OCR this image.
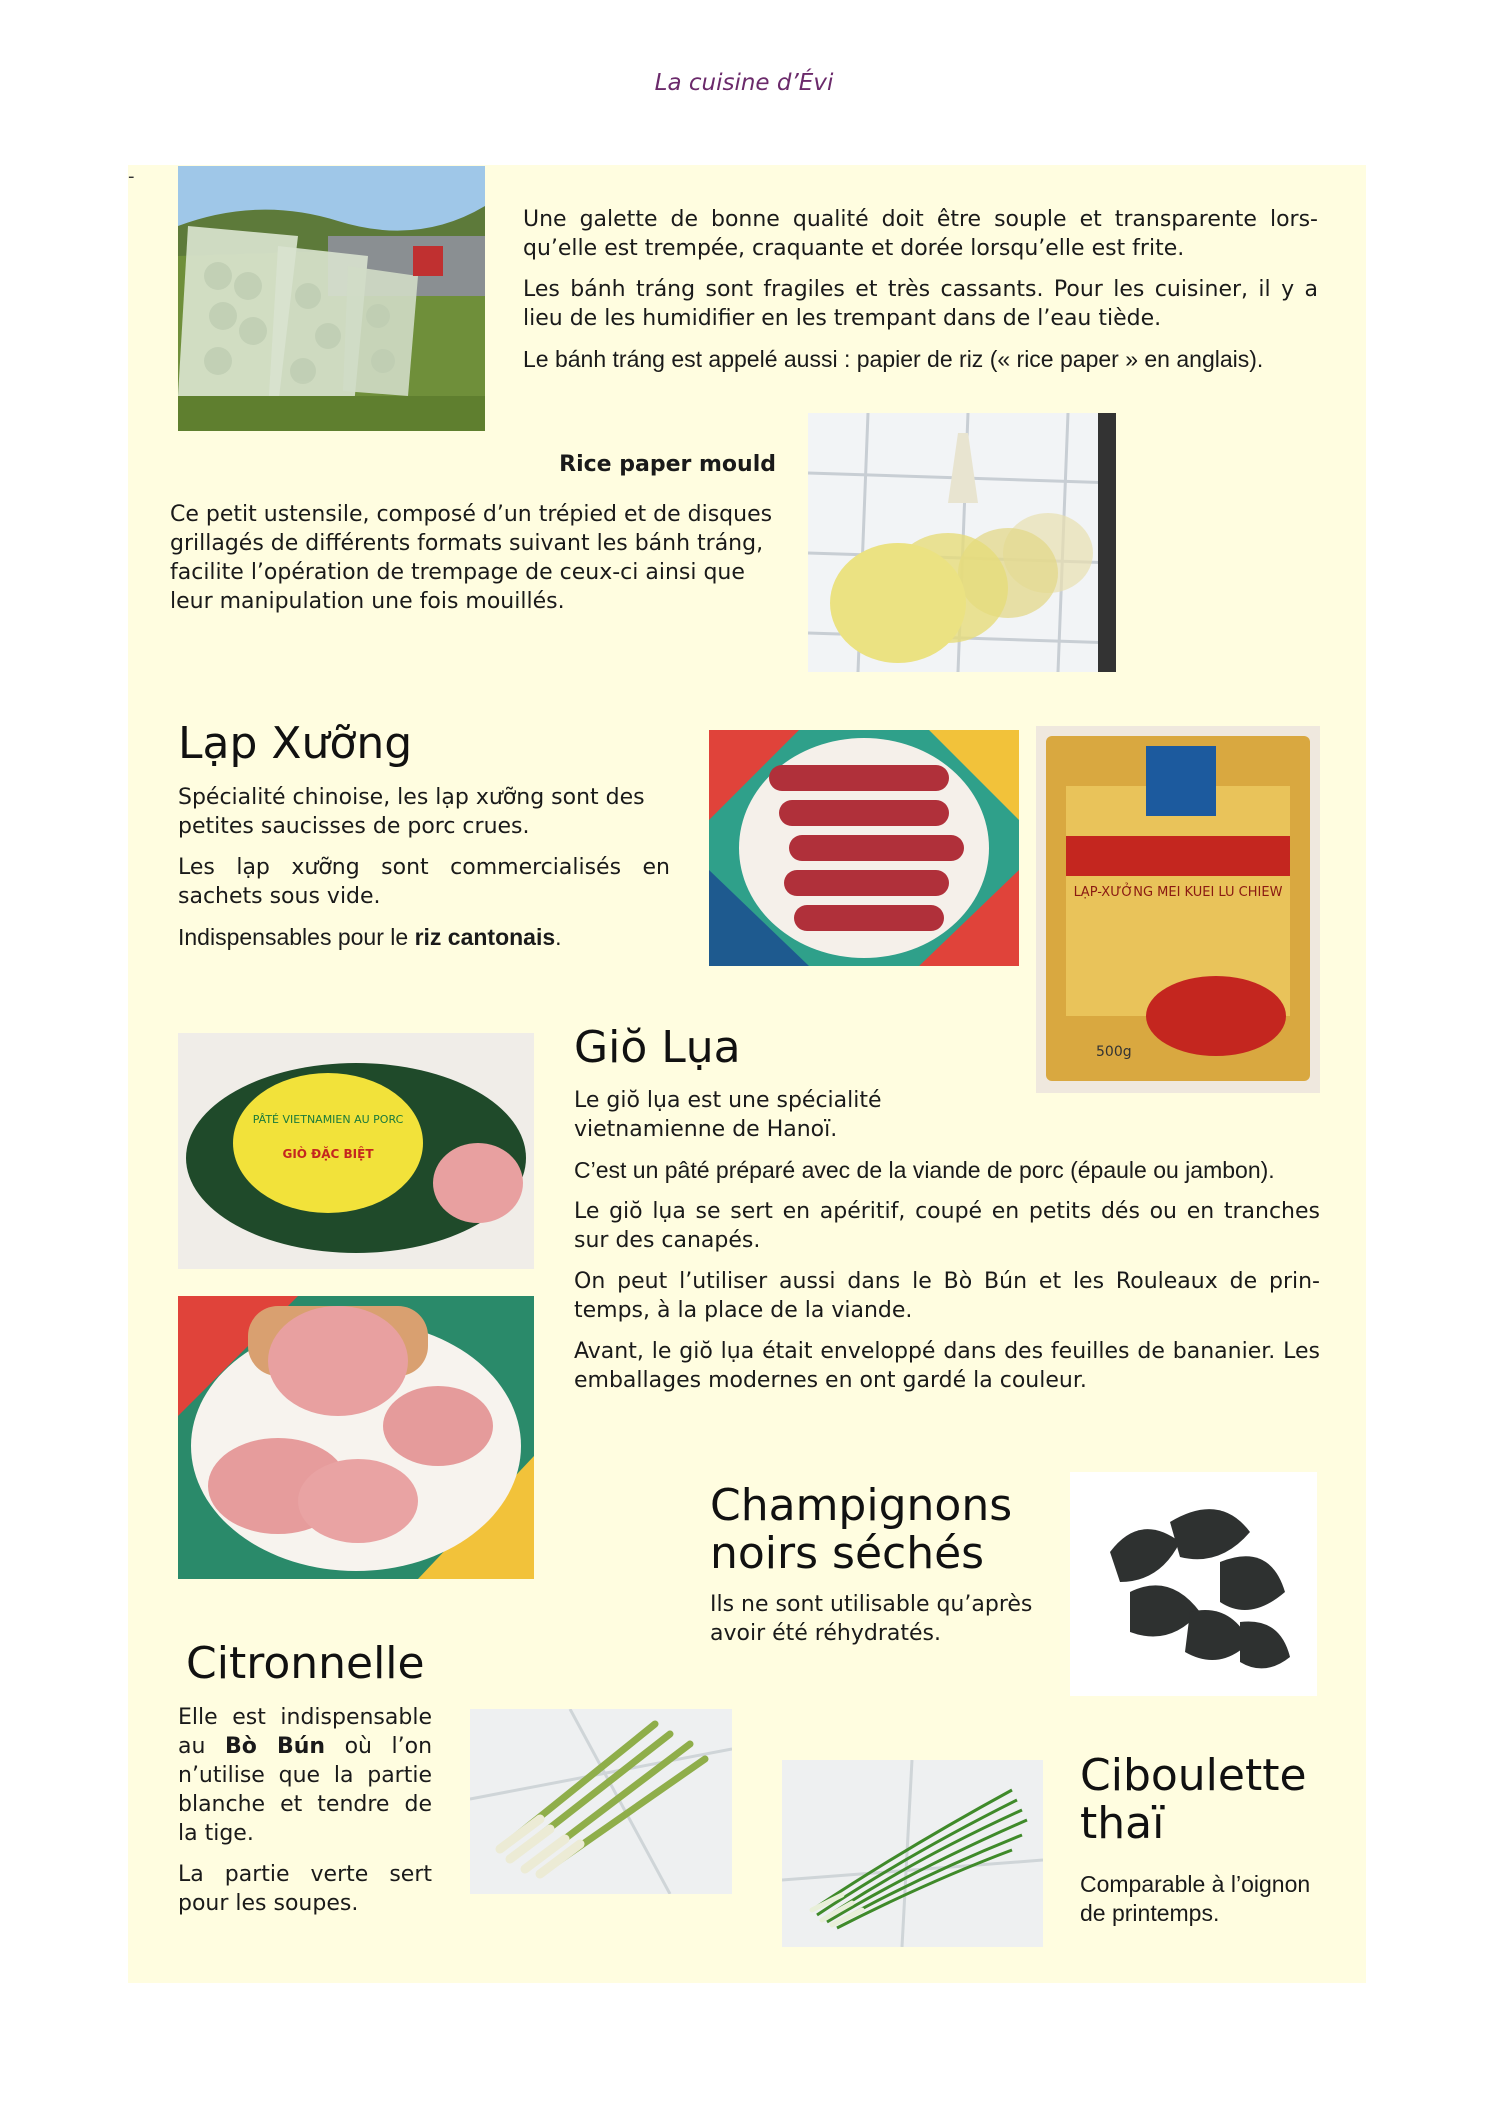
La cuisine d’Évi
-

Une galette de bonne qualité doit être souple et transparente lors- qu’elle est trempée, craquante et dorée lorsqu’elle est frite.

Les bánh tráng sont fragiles et très cassants. Pour les cuisiner, il y a lieu de les humidifier en les trempant dans de l’eau tiède.

Le bánh tráng est appelé aussi : papier de riz (« rice paper » en anglais).

Rice paper mould
Ce petit ustensile, composé d’un trépied et de disques grillagés de différents formats suivant les bánh tráng, facilite l’opération de trempage de ceux-ci ainsi que leur manipulation une fois mouillés.
Lạp Xưỡng

Spécialité chinoise, les lạp xưỡng sont des petites saucisses de porc crues.

Les lạp xưỡng sont commercialisés en sachets sous vide.

Indispensables pour le riz cantonais.

LẠP-XƯỞNG MEI KUEI LU CHIEW
500g
PÂTÉ VIETNAMIEN AU PORC
GIÒ ĐẶC BIỆT
Giŏ Lụa

Le giŏ lụa est une spécialité vietnamienne de Hanoï.

C’est un pâté préparé avec de la viande de porc (épaule ou jambon).

Le giŏ lụa se sert en apéritif, coupé en petits dés ou en tranches sur des canapés.

On peut l’utiliser aussi dans le Bò Bún et les Rouleaux de prin- temps, à la place de la viande.

Avant, le giŏ lụa était enveloppé dans des feuilles de bananier. Les emballages modernes en ont gardé la couleur.

Champignons
noirs séchés
Ils ne sont utilisable qu’après avoir été réhydratés.
Citronnelle

Elle est indispensable au Bò Bún où l’on n’utilise que la partie blanche et tendre de la tige.

La partie verte sert pour les soupes.

Ciboulette
thaï
Comparable à l’oignon de printemps.
